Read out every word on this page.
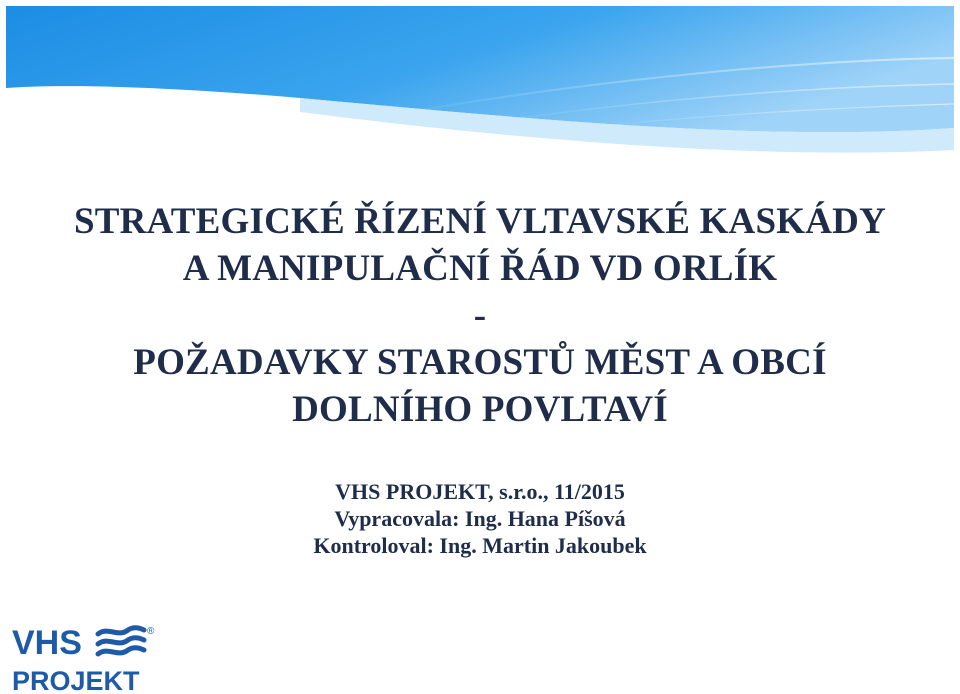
STRATEGICKÉ ŘÍZENÍ VLTAVSKÉ KASKÁDY
A MANIPULAČNÍ ŘÁD VD ORLÍK
-
POŽADAVKY STAROSTŮ MĚST A OBCÍ
DOLNÍHO POVLTAVÍ
VHS PROJEKT, s.r.o., 11/2015
Vypracovala: Ing. Hana Píšová
Kontroloval: Ing. Martin Jakoubek
VHS	®
PROJEKT
